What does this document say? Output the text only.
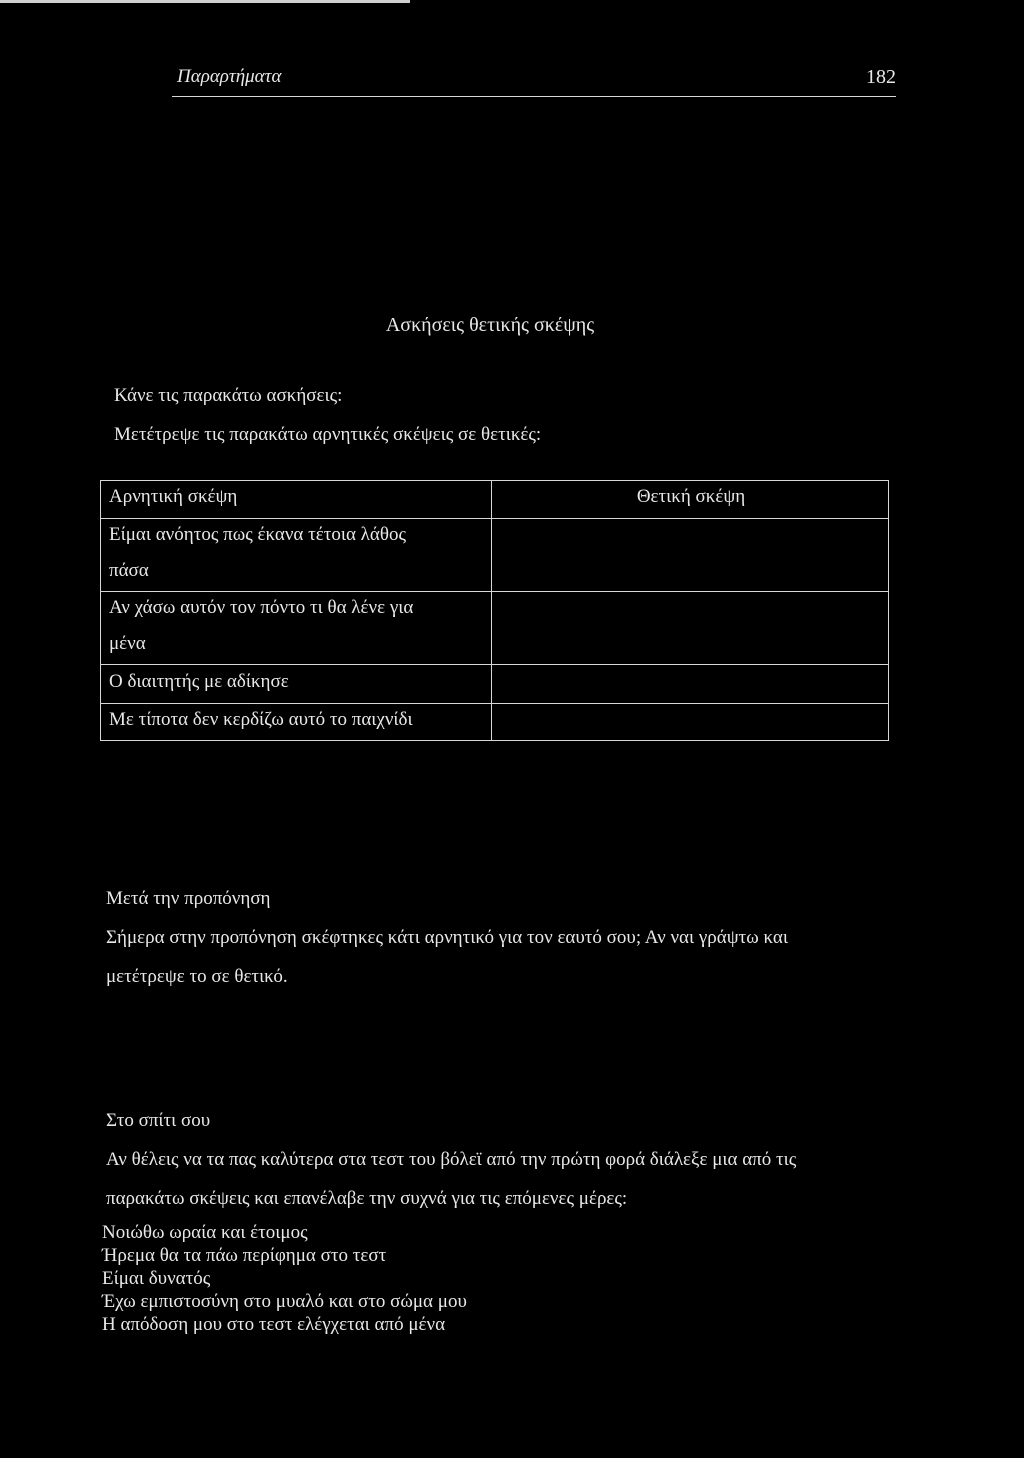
Παραρτήματα	182
Ασκήσεις θετικής σκέψης
Κάνε τις παρακάτω ασκήσεις:
Μετέτρεψε τις παρακάτω αρνητικές σκέψεις σε θετικές:
Αρνητική σκέψη	Θετική σκέψη

Είμαι ανόητος πως έκανα τέτοια λάθος
πάσα	

Αν χάσω αυτόν τον πόντο τι θα λένε για
μένα	

Ο διαιτητής με αδίκησε	

Με τίποτα δεν κερδίζω αυτό το παιχνίδι	

Μετά την προπόνηση
Σήμερα στην προπόνηση σκέφτηκες κάτι αρνητικό για τον εαυτό σου; Αν ναι γράψτω και
μετέτρεψε το σε θετικό.
Στο σπίτι σου
Αν θέλεις να τα πας καλύτερα στα τεστ του βόλεϊ από την πρώτη φορά διάλεξε μια από τις
παρακάτω σκέψεις και επανέλαβε την συχνά για τις επόμενες μέρες:
Νοιώθω ωραία και έτοιμος
Ήρεμα θα τα πάω περίφημα στο τεστ
Είμαι δυνατός
Έχω εμπιστοσύνη στο μυαλό και στο σώμα μου
Η απόδοση μου στο τεστ ελέγχεται από μένα
